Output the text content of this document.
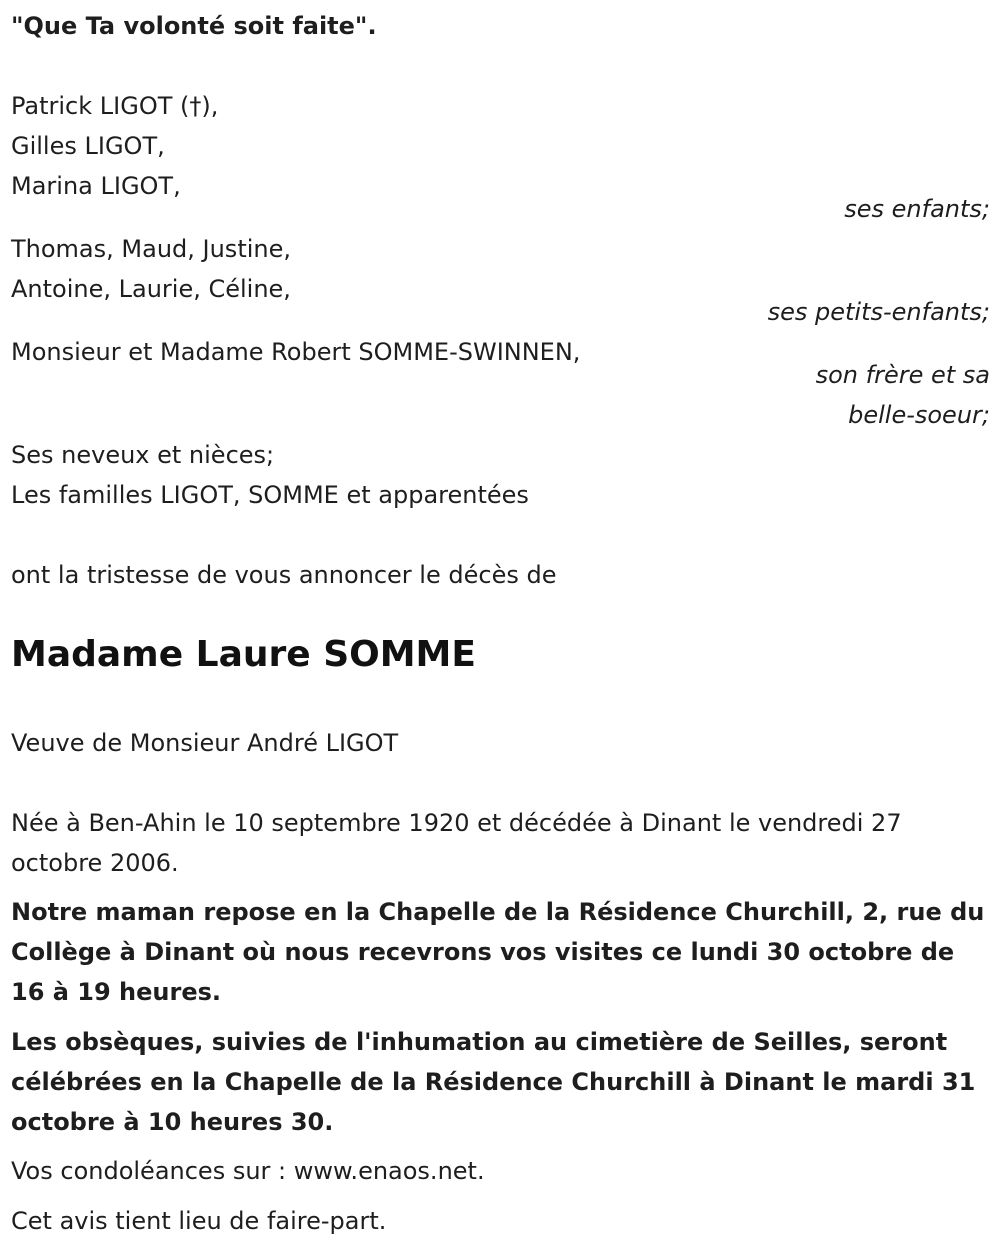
"Que Ta volonté soit faite".
Patrick LIGOT (†),
Gilles LIGOT,
Marina LIGOT,
ses enfants;
Thomas, Maud, Justine,
Antoine, Laurie, Céline,
ses petits-enfants;
Monsieur et Madame Robert SOMME-SWINNEN,
son frère et sa
belle-soeur;
Ses neveux et nièces;
Les familles LIGOT, SOMME et apparentées
ont la tristesse de vous annoncer le décès de
Madame Laure SOMME
Veuve de Monsieur André LIGOT
Née à Ben-Ahin le 10 septembre 1920 et décédée à Dinant le vendredi 27 octobre 2006.
Notre maman repose en la Chapelle de la Résidence Churchill, 2, rue du Collège à Dinant où nous recevrons vos visites ce lundi 30 octobre de 16 à 19 heures.
Les obsèques, suivies de l'inhumation au cimetière de Seilles, seront célébrées en la Chapelle de la Résidence Churchill à Dinant le mardi 31 octobre à 10 heures 30.
Vos condoléances sur : www.enaos.net.
Cet avis tient lieu de faire-part.
